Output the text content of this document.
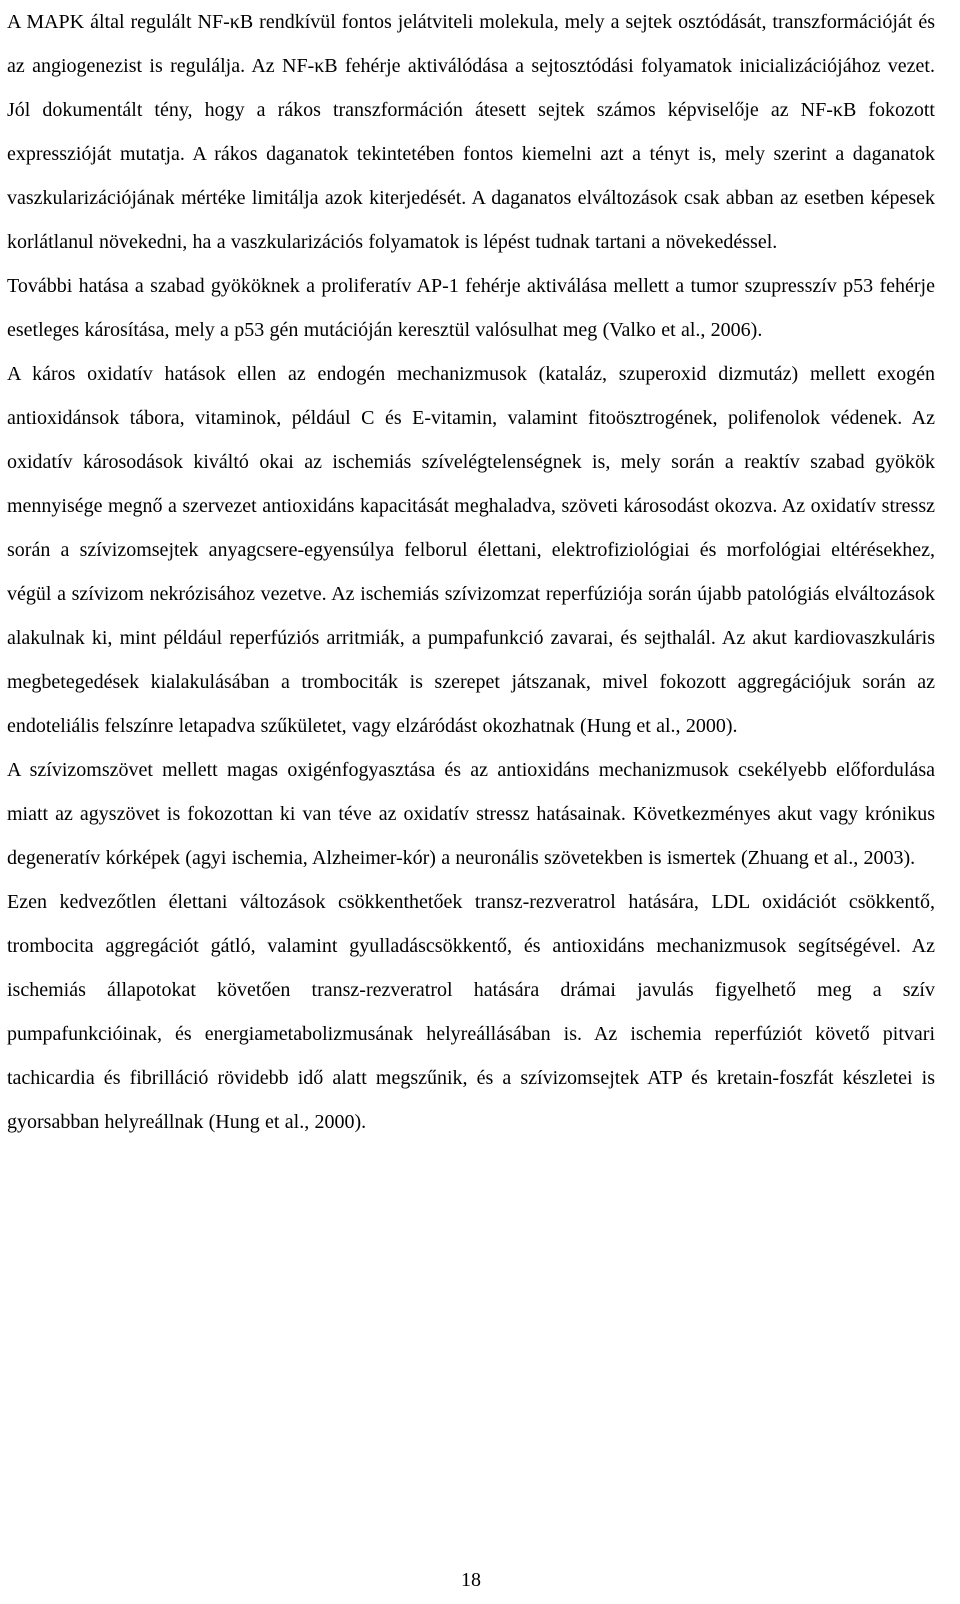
A MAPK által regulált NF-κB rendkívül fontos jelátviteli molekula, mely a sejtek osztódását, transzformációját és az angiogenezist is regulálja. Az NF-κB fehérje aktiválódása a sejtosztódási folyamatok inicializációjához vezet. Jól dokumentált tény, hogy a rákos transzformáción átesett sejtek számos képviselője az NF-κB fokozott expresszióját mutatja. A rákos daganatok tekintetében fontos kiemelni azt a tényt is, mely szerint a daganatok vaszkularizációjának mértéke limitálja azok kiterjedését. A daganatos elváltozások csak abban az esetben képesek korlátlanul növekedni, ha a vaszkularizációs folyamatok is lépést tudnak tartani a növekedéssel.

További hatása a szabad gyököknek a proliferatív AP-1 fehérje aktiválása mellett a tumor szupresszív p53 fehérje esetleges károsítása, mely a p53 gén mutációján keresztül valósulhat meg (Valko et al., 2006).

A káros oxidatív hatások ellen az endogén mechanizmusok (kataláz, szuperoxid dizmutáz) mellett exogén antioxidánsok tábora, vitaminok, például C és E-vitamin, valamint fitoösztrogének, polifenolok védenek. Az oxidatív károsodások kiváltó okai az ischemiás szívelégtelenségnek is, mely során a reaktív szabad gyökök mennyisége megnő a szervezet antioxidáns kapacitását meghaladva, szöveti károsodást okozva. Az oxidatív stressz során a szívizomsejtek anyagcsere-egyensúlya felborul élettani, elektrofiziológiai és morfológiai eltérésekhez, végül a szívizom nekrózisához vezetve. Az ischemiás szívizomzat reperfúziója során újabb patológiás elváltozások alakulnak ki, mint például reperfúziós arritmiák, a pumpafunkció zavarai, és sejthalál. Az akut kardiovaszkuláris megbetegedések kialakulásában a trombociták is szerepet játszanak, mivel fokozott aggregációjuk során az endoteliális felszínre letapadva szűkületet, vagy elzáródást okozhatnak (Hung et al., 2000).

A szívizomszövet mellett magas oxigénfogyasztása és az antioxidáns mechanizmusok csekélyebb előfordulása miatt az agyszövet is fokozottan ki van téve az oxidatív stressz hatásainak. Következményes akut vagy krónikus degeneratív kórképek (agyi ischemia, Alzheimer-kór) a neuronális szövetekben is ismertek (Zhuang et al., 2003).

Ezen kedvezőtlen élettani változások csökkenthetőek transz-rezveratrol hatására, LDL oxidációt csökkentő, trombocita aggregációt gátló, valamint gyulladáscsökkentő, és antioxidáns mechanizmusok segítségével. Az ischemiás állapotokat követően transz-rezveratrol hatására drámai javulás figyelhető meg a szív pumpafunkcióinak, és energiametabolizmusának helyreállásában is. Az ischemia reperfúziót követő pitvari tachicardia és fibrilláció rövidebb idő alatt megszűnik, és a szívizomsejtek ATP és kretain-foszfát készletei is gyorsabban helyreállnak (Hung et al., 2000).

18
